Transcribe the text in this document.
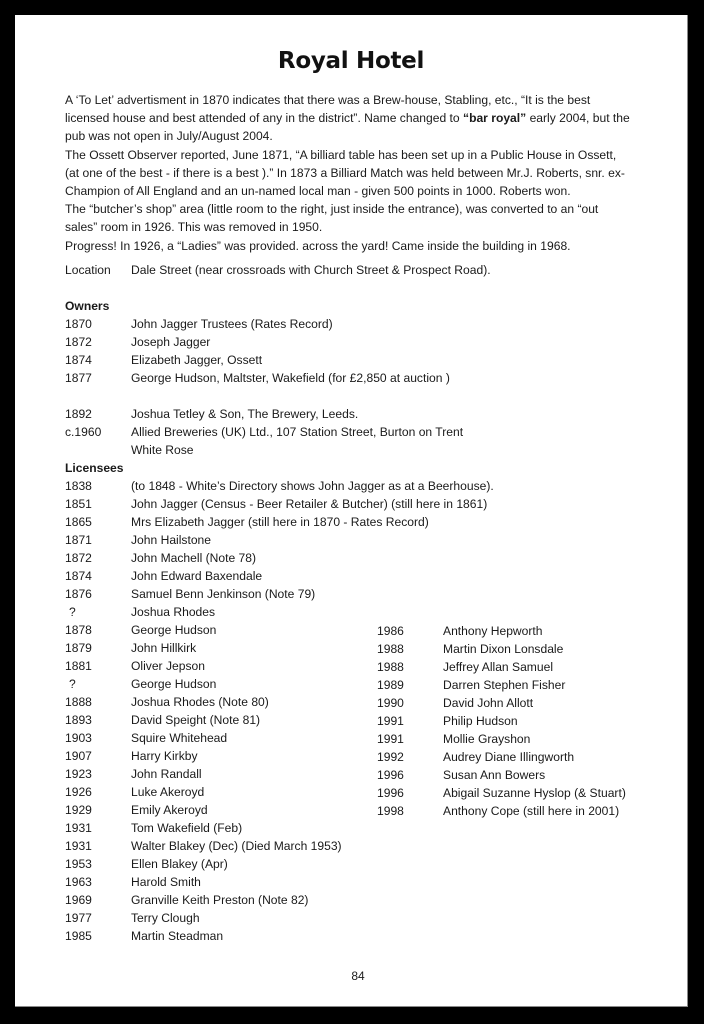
Royal Hotel

A ‘To Let’ advertisment in 1870 indicates that there was a Brew-house, Stabling, etc., “It is the best licensed house and best attended of any in the district”. Name changed to “bar royal” early 2004, but the pub was not open in July/August 2004.

The Ossett Observer reported, June 1871, “A billiard table has been set up in a Public House in Ossett, (at one of the best - if there is a best ).” In 1873 a Billiard Match was held between Mr.J. Roberts, snr. ex-Champion of All England and an un-named local man - given 500 points in 1000. Roberts won.

The “butcher’s shop” area (little room to the right, just inside the entrance), was converted to an “out sales” room in 1926. This was removed in 1950.

Progress! In 1926, a “Ladies” was provided. across the yard! Came inside the building in 1968.

Location Dale Street (near crossroads with Church Street & Prospect Road).
Owners
1870	John Jagger Trustees (Rates Record)
1872	Joseph Jagger
1874	Elizabeth Jagger, Ossett
1877	George Hudson, Maltster, Wakefield (for £2,850 at auction )
1892	Joshua Tetley & Son, The Brewery, Leeds.
c.1960 Allied Breweries (UK) Ltd., 107 Station Street, Burton on Trent
White Rose
Licensees
1838	(to 1848 - White’s Directory shows John Jagger as at a Beerhouse).
1851	John Jagger (Census - Beer Retailer & Butcher) (still here in 1861)
1865	Mrs Elizabeth Jagger (still here in 1870 - Rates Record)
1871	John Hailstone
1872	John Machell (Note 78)
1874	John Edward Baxendale
1876	Samuel Benn Jenkinson (Note 79)
?	Joshua Rhodes
1878	George Hudson
1879	John Hillkirk
1881	Oliver Jepson
?	George Hudson
1888	Joshua Rhodes (Note 80)
1893	David Speight (Note 81)
1903	Squire Whitehead
1907	Harry Kirkby
1923	John Randall
1926	Luke Akeroyd
1929	Emily Akeroyd
1931	Tom Wakefield (Feb)
1931	Walter Blakey (Dec) (Died March 1953)
1953	Ellen Blakey (Apr)
1963	Harold Smith
1969	Granville Keith Preston (Note 82)
1977	Terry Clough
1985	Martin Steadman
1986	Anthony Hepworth
1988	Martin Dixon Lonsdale
1988	Jeffrey Allan Samuel
1989	Darren Stephen Fisher
1990	David John Allott
1991	Philip Hudson
1991	Mollie Grayshon
1992	Audrey Diane Illingworth
1996	Susan Ann Bowers
1996	Abigail Suzanne Hyslop (& Stuart)
1998	Anthony Cope (still here in 2001)
84
